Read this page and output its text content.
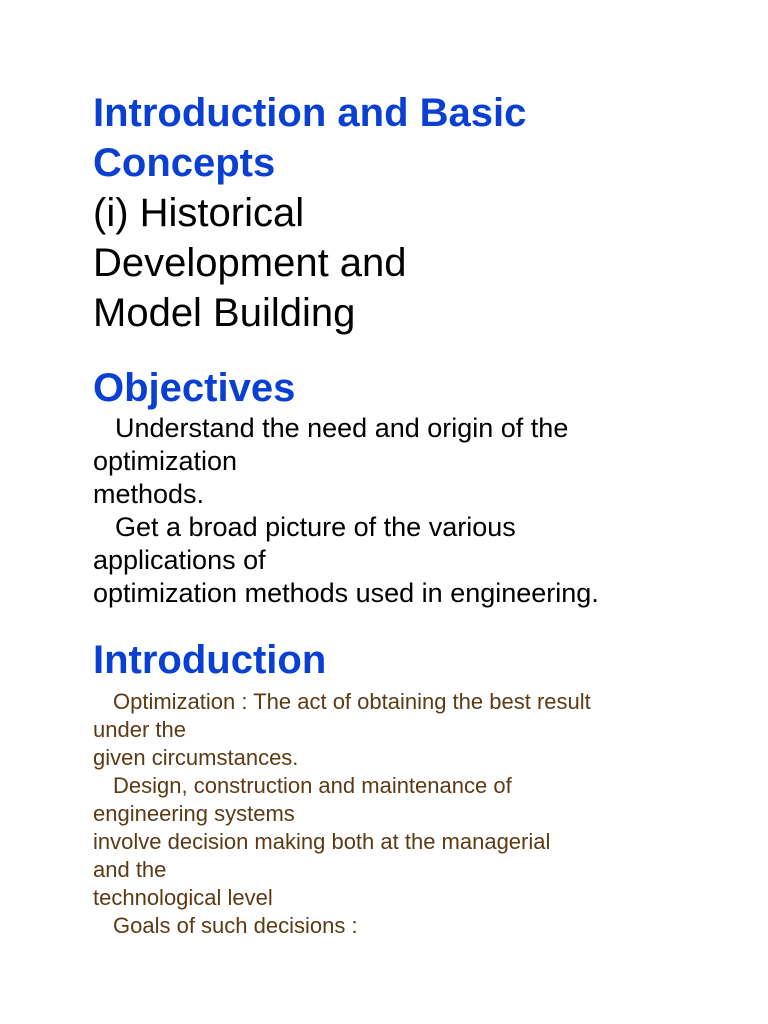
Introduction and Basic
Concepts
(i) Historical
Development and
Model Building
Objectives
Understand the need and origin of the
optimization
methods.
Get a broad picture of the various
applications of
optimization methods used in engineering.
Introduction
Optimization : The act of obtaining the best result
under the
given circumstances.
Design, construction and maintenance of
engineering systems
involve decision making both at the managerial
and the
technological level
Goals of such decisions :
